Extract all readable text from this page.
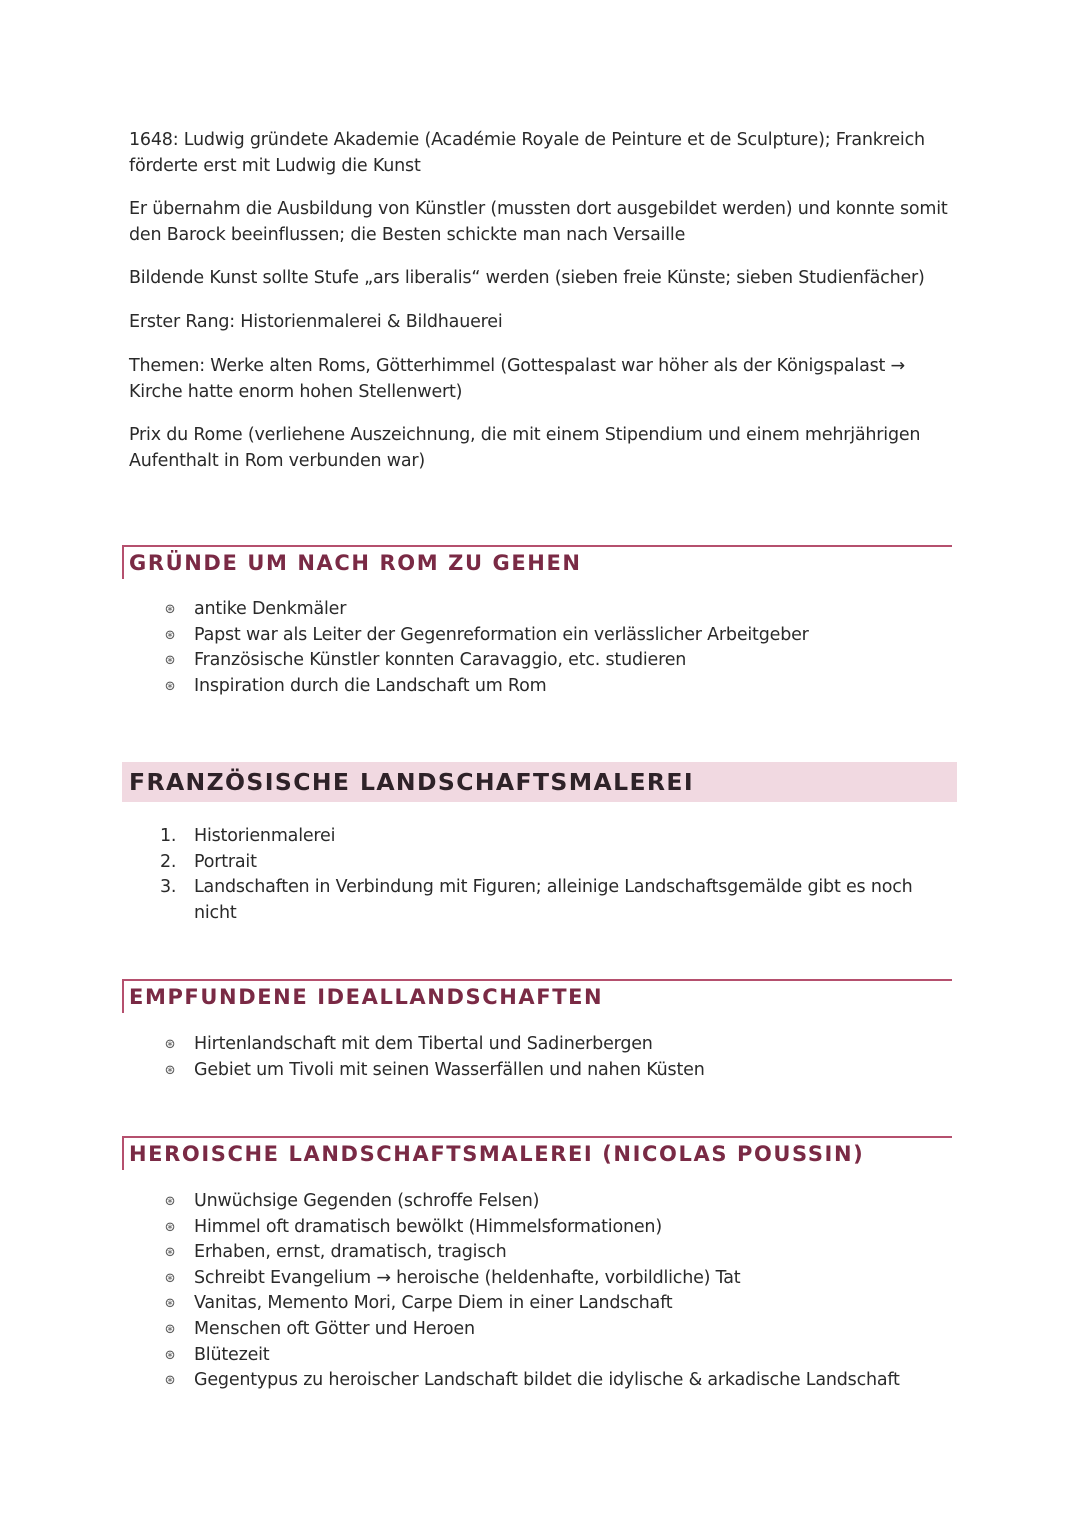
1648: Ludwig gründete Akademie (Académie Royale de Peinture et de Sculpture); Frankreich förderte erst mit Ludwig die Kunst

Er übernahm die Ausbildung von Künstler (mussten dort ausgebildet werden) und konnte somit den Barock beeinflussen; die Besten schickte man nach Versaille

Bildende Kunst sollte Stufe „ars liberalis“ werden (sieben freie Künste; sieben Studienfächer)

Erster Rang: Historienmalerei & Bildhauerei

Themen: Werke alten Roms, Götterhimmel (Gottespalast war höher als der Königspalast → Kirche hatte enorm hohen Stellenwert)

Prix du Rome (verliehene Auszeichnung, die mit einem Stipendium und einem mehrjährigen Aufenthalt in Rom verbunden war)

GRÜNDE UM NACH ROM ZU GEHEN
⊛ antike Denkmäler
⊛ Papst war als Leiter der Gegenreformation ein verlässlicher Arbeitgeber
⊛ Französische Künstler konnten Caravaggio, etc. studieren
⊛ Inspiration durch die Landschaft um Rom
FRANZÖSISCHE LANDSCHAFTSMALEREI
1.	Historienmalerei
2.	Portrait
3.	Landschaften in Verbindung mit Figuren; alleinige Landschaftsgemälde gibt es noch nicht
EMPFUNDENE IDEALLANDSCHAFTEN
⊛ Hirtenlandschaft mit dem Tibertal und Sadinerbergen
⊛ Gebiet um Tivoli mit seinen Wasserfällen und nahen Küsten
HEROISCHE LANDSCHAFTSMALEREI (NICOLAS POUSSIN)
⊛ Unwüchsige Gegenden (schroffe Felsen)
⊛ Himmel oft dramatisch bewölkt (Himmelsformationen)
⊛ Erhaben, ernst, dramatisch, tragisch
⊛ Schreibt Evangelium → heroische (heldenhafte, vorbildliche) Tat
⊛ Vanitas, Memento Mori, Carpe Diem in einer Landschaft
⊛ Menschen oft Götter und Heroen
⊛ Blütezeit
⊛ Gegentypus zu heroischer Landschaft bildet die idylische & arkadische Landschaft
